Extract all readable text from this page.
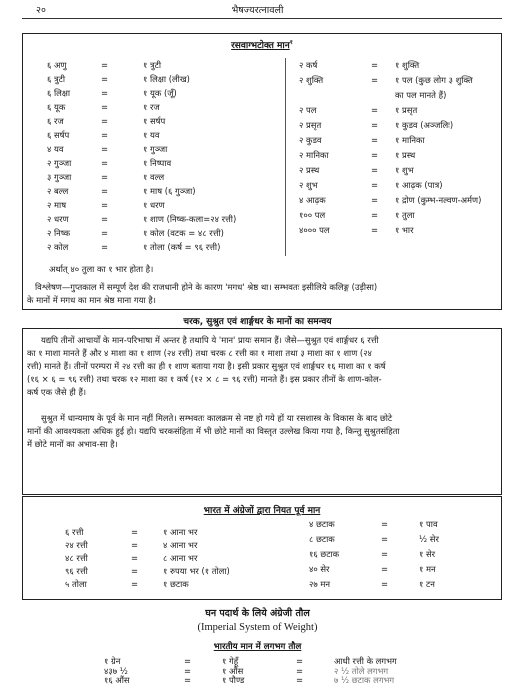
२०	भैषज्यरत्नावली
रसवाग्भटोक्त मान$^१$
६ अणु	=	१ त्रुटी
६ त्रुटी	=	१ लिक्षा (लीख)
६ लिक्षा	=	१ यूक (जूँ)
६ यूक	=	१ रज
६ रज	=	१ सर्षप
६ सर्षप	=	१ यव
४ यव	=	१ गुञ्जा
२ गुञ्जा	=	१ निष्पाव
३ गुञ्जा	=	१ वल्ल
२ बल्ल	=	१ माष (६ गुञ्जा)
२ माष	=	१ धरण
२ धरण	=	१ शाण (निष्क-कला=२४ रत्ती)
२ निष्क	=	१ कोल (वटक = ४८ रत्ती)
२ कोल	=	१ तोला (कर्ष = ९६ रत्ती)
२ कर्ष	= १ शुक्ति
२ शुक्ति	= १ पल (कुछ लोग ३ शुक्ति
का पल मानते हैं)
२ पल	= १ प्रसृत
२ प्रसृत	= १ कुडव (अञ्जलिः)
२ कुडव	= १ मानिका
२ मानिका	= १ प्रस्थ
२ प्रस्थ	= १ शुभ
२ शुभ	= १ आढ़क (पात्र)
४ आढ़क	= १ द्रोण (कुम्भ-नल्वण-अर्मण)
१०० पल	= १ तुला
४००० पल	= १ भार
अर्थात् ४० तुला का १ भार होता है।
विश्लेषण—गुप्तकाल में सम्पूर्ण देश की राजधानी होने के कारण 'मगध' श्रेष्ठ था। सम्भवतः इसीलिये कलिङ्ग (उड़ीसा)
के मानों में मगध का मान श्रेष्ठ माना गया है।
चरक, सुश्रुत एवं शार्ङ्गधर के मानों का समन्वय
यद्यपि तीनों आचार्यों के मान-परिभाषा में अन्तर है तथापि ये 'मान' प्रायः समान हैं। जैसे—सुश्रुत एवं शार्ङ्गधर ६ रत्ती
का १ माशा मानते हैं और ४ माशा का १ शाण (२४ रत्ती) तथा चरक ८ रत्ती का १ माशा तथा ३ माशा का १ शाण (२४
रत्ती) मानते हैं। तीनों परम्परा में २४ रत्ती का ही १ शाण बताया गया है। इसी प्रकार सुश्रुत एवं शार्ङ्गधर १६ माशा का १ कर्ष
(१६ × ६ = ९६ रत्ती) तथा चरक १२ माशा का १ कर्ष (१२ × ८ = ९६ रत्ती) मानते हैं। इस प्रकार तीनों के शाण-कोल-
कर्ष एक जैसे ही हैं।
सुश्रुत में धान्यमाष के पूर्व के मान नहीं मिलते। सम्भवतः कालक्रम से नष्ट हो गये हों या रसशास्त्र के विकास के बाद छोटे
मानों की आवश्यकता अधिक हुई हो। यद्यपि चरकसंहिता में भी छोटे मानों का विस्तृत उल्लेख किया गया है, किन्तु सुश्रुतसंहिता
में छोटे मानों का अभाव-सा है।
भारत में अंग्रेजों द्वारा नियत पूर्व मान
६ रत्ती	=	१ आना भर
२४ रत्ती	=	४ आना भर
४८ रत्ती	=	८ आना भर
९६ रत्ती	=	१ रुपया भर (१ तोला)
५ तोला	=	१ छटाक
४ छटाक	=	१ पाव
८ छटाक	=	½ सेर
१६ छटाक	=	१ सेर
४० सेर	=	१ मन
२७ मन	=	१ टन
घन पदार्थ के लिये अंग्रेजी तौल
(Imperial System of Weight)
भारतीय मान में लगभग तौल
१ ग्रेन	=	१ गेहूँ	=	आधी रत्ती के लगभग
४३७ ½	=	१ औंस	=	२ ½ तोले लगभग
१६ औंस	=	१ पौण्ड	=	७ ½ छटाक लगभग
